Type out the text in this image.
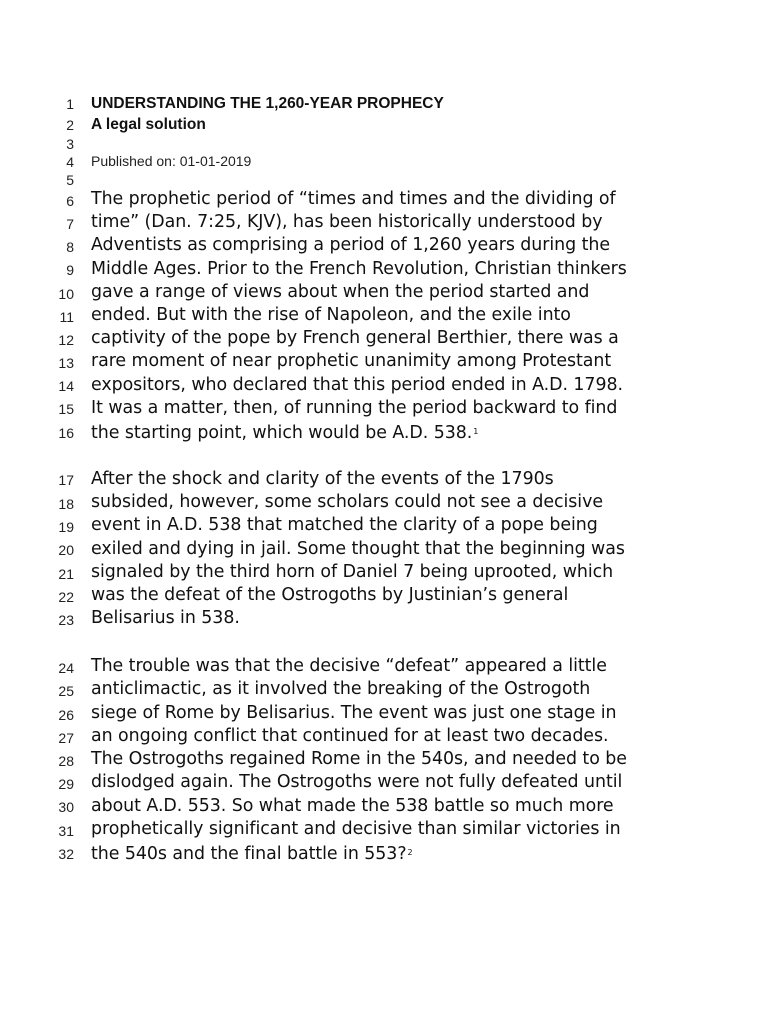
1
2
3
4
5
6
7
8
9
10
11
12
13
14
15
16
17
18
19
20
21
22
23
24
25
26
27
28
29
30
31
32
UNDERSTANDING THE 1,260-YEAR PROPHECY
A legal solution
Published on: 01-01-2019
The prophetic period of “times and times and the dividing of
time” (Dan. 7:25, KJV), has been historically understood by
Adventists as comprising a period of 1,260 years during the
Middle Ages. Prior to the French Revolution, Christian thinkers
gave a range of views about when the period started and
ended. But with the rise of Napoleon, and the exile into
captivity of the pope by French general Berthier, there was a
rare moment of near prophetic unanimity among Protestant
expositors, who declared that this period ended in A.D. 1798.
It was a matter, then, of running the period backward to find
the starting point, which would be A.D. 538.$^1$
After the shock and clarity of the events of the 1790s
subsided, however, some scholars could not see a decisive
event in A.D. 538 that matched the clarity of a pope being
exiled and dying in jail. Some thought that the beginning was
signaled by the third horn of Daniel 7 being uprooted, which
was the defeat of the Ostrogoths by Justinian’s general
Belisarius in 538.
The trouble was that the decisive “defeat” appeared a little
anticlimactic, as it involved the breaking of the Ostrogoth
siege of Rome by Belisarius. The event was just one stage in
an ongoing conflict that continued for at least two decades.
The Ostrogoths regained Rome in the 540s, and needed to be
dislodged again. The Ostrogoths were not fully defeated until
about A.D. 553. So what made the 538 battle so much more
prophetically significant and decisive than similar victories in
the 540s and the final battle in 553?$^2$
